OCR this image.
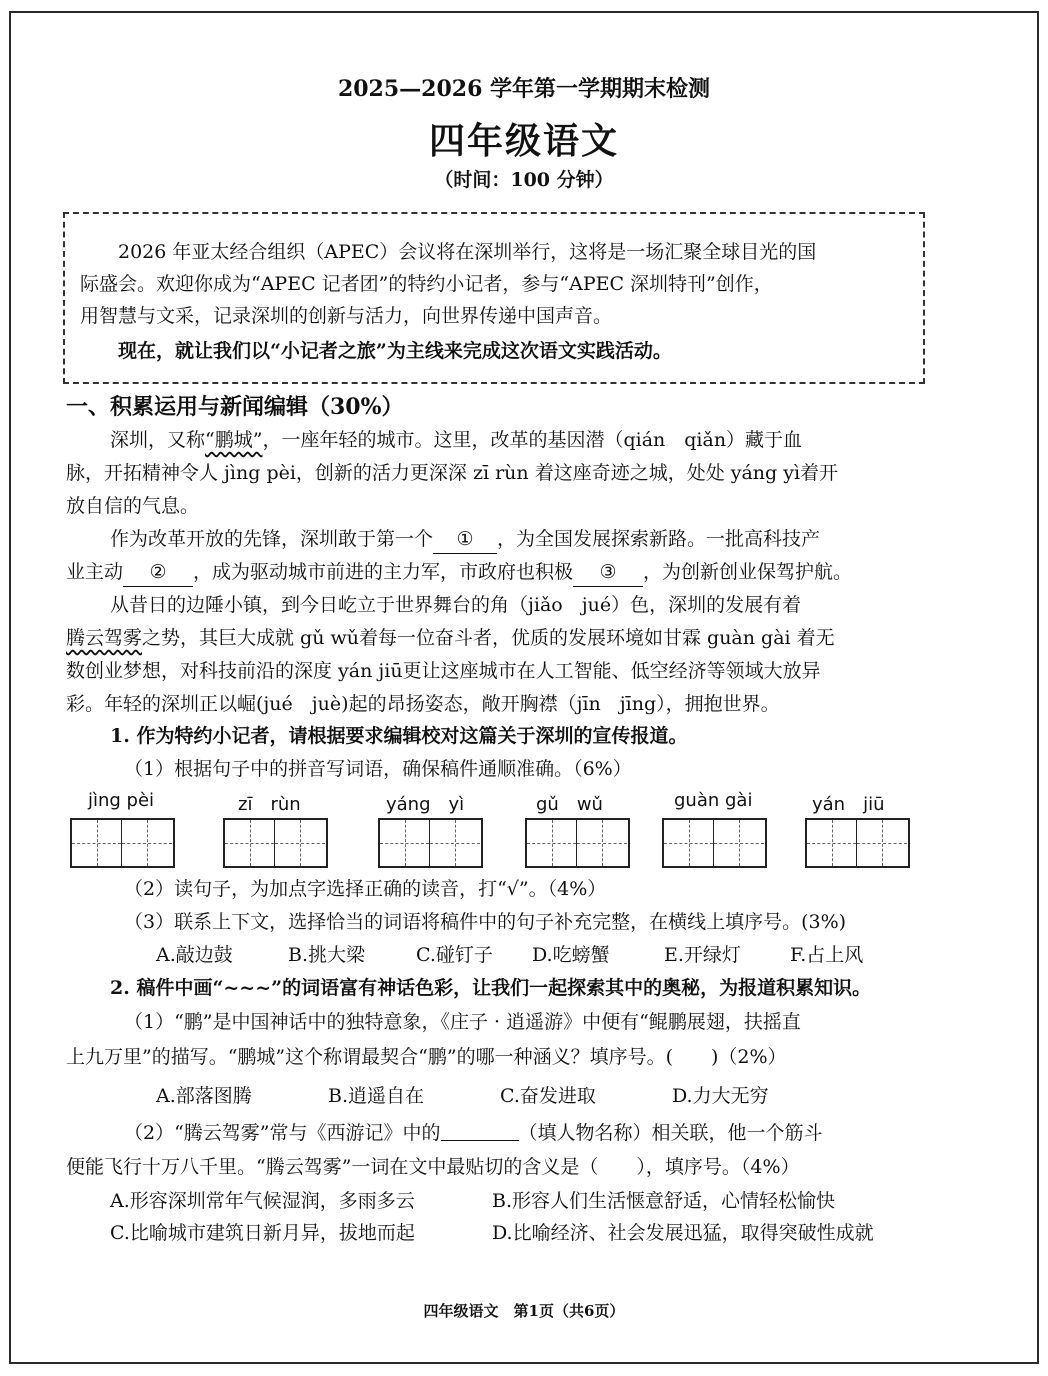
2025—2026 学年第一学期期末检测
四年级语文
（时间：100 分钟）
2026 年亚太经合组织（APEC）会议将在深圳举行，这将是一场汇聚全球目光的国
际盛会。欢迎你成为“APEC 记者团”的特约小记者，参与“APEC 深圳特刊”创作，
用智慧与文采，记录深圳的创新与活力，向世界传递中国声音。
现在，就让我们以“小记者之旅”为主线来完成这次语文实践活动。
一、积累运用与新闻编辑（30%）
深圳，又称“鹏城”，一座年轻的城市。这里，改革的基因潜（qián　qiǎn）藏于血
脉，开拓精神令人 jìng pèi，创新的活力更深深 zī rùn 着这座奇迹之城，处处 yáng yì着开
放自信的气息。
作为改革开放的先锋，深圳敢于第一个 ① ，为全国发展探索新路。一批高科技产
业主动 ② ，成为驱动城市前进的主力军，市政府也积极 ③ ，为创新创业保驾护航。
从昔日的边陲小镇，到今日屹立于世界舞台的角（jiǎo　jué）色，深圳的发展有着
腾云驾雾之势，其巨大成就 gǔ wǔ着每一位奋斗者，优质的发展环境如甘霖 guàn gài 着无
数创业梦想，对科技前沿的深度 yán jiū更让这座城市在人工智能、低空经济等领域大放异
彩。年轻的深圳正以崛(jué　juè)起的昂扬姿态，敞开胸襟（jīn　jīng），拥抱世界。
1. 作为特约小记者，请根据要求编辑校对这篇关于深圳的宣传报道。
（1）根据句子中的拼音写词语，确保稿件通顺准确。（6%）
jìng pèi	zī　rùn	yáng　yì	gǔ　wǔ	guàn gài	yán　jiū
（2）读句子，为加点字选择正确的读音，打“√”。（4%）
（3）联系上下文，选择恰当的词语将稿件中的句子补充完整，在横线上填序号。(3%)
A.敲边鼓	B.挑大梁	C.碰钉子 D.吃螃蟹	E.开绿灯	F.占上风
2. 稿件中画“~~~”的词语富有神话色彩，让我们一起探索其中的奥秘，为报道积累知识。
（1）“鹏”是中国神话中的独特意象，《庄子 · 逍遥游》中便有“鲲鹏展翅，扶摇直
上九万里”的描写。“鹏城”这个称谓最契合“鹏”的哪一种涵义？填序号。(　　)（2%）
A.部落图腾	B.逍遥自在	C.奋发进取	D.力大无穷
（2）“腾云驾雾”常与《西游记》中的	（填人物名称）相关联，他一个筋斗
便能飞行十万八千里。“腾云驾雾”一词在文中最贴切的含义是（　　），填序号。（4%）
A.形容深圳常年气候湿润，多雨多云	B.形容人们生活惬意舒适，心情轻松愉快
C.比喻城市建筑日新月异，拔地而起	D.比喻经济、社会发展迅猛，取得突破性成就
四年级语文　第1页（共6页）
